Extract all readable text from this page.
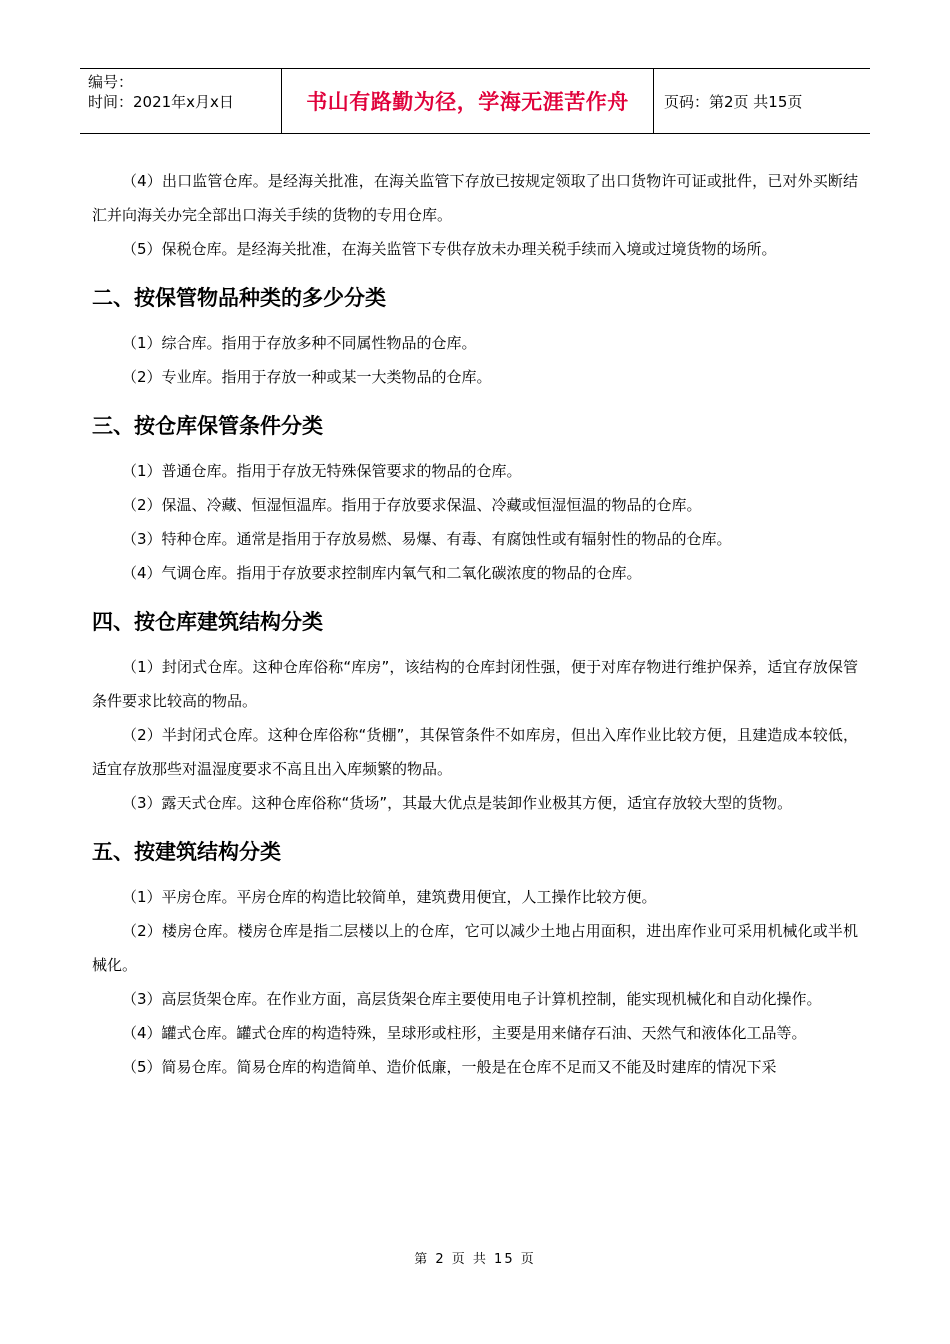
编号：
时间：2021年x月x日	书山有路勤为径，学海无涯苦作舟	页码：第2页 共15页

（4）出口监管仓库。是经海关批准，在海关监管下存放已按规定领取了出口货物许可证或批件，已对外买断结汇并向海关办完全部出口海关手续的货物的专用仓库。

（5）保税仓库。是经海关批准，在海关监管下专供存放未办理关税手续而入境或过境货物的场所。

二、按保管物品种类的多少分类

（1）综合库。指用于存放多种不同属性物品的仓库。

（2）专业库。指用于存放一种或某一大类物品的仓库。

三、按仓库保管条件分类

（1）普通仓库。指用于存放无特殊保管要求的物品的仓库。

（2）保温、冷藏、恒湿恒温库。指用于存放要求保温、冷藏或恒湿恒温的物品的仓库。

（3）特种仓库。通常是指用于存放易燃、易爆、有毒、有腐蚀性或有辐射性的物品的仓库。

（4）气调仓库。指用于存放要求控制库内氧气和二氧化碳浓度的物品的仓库。

四、按仓库建筑结构分类

（1）封闭式仓库。这种仓库俗称“库房”，该结构的仓库封闭性强，便于对库存物进行维护保养，适宜存放保管条件要求比较高的物品。

（2）半封闭式仓库。这种仓库俗称“货棚”，其保管条件不如库房，但出入库作业比较方便，且建造成本较低，适宜存放那些对温湿度要求不高且出入库频繁的物品。

（3）露天式仓库。这种仓库俗称“货场”，其最大优点是装卸作业极其方便，适宜存放较大型的货物。

五、按建筑结构分类

（1）平房仓库。平房仓库的构造比较简单，建筑费用便宜，人工操作比较方便。

（2）楼房仓库。楼房仓库是指二层楼以上的仓库，它可以减少土地占用面积，进出库作业可采用机械化或半机械化。

（3）高层货架仓库。在作业方面，高层货架仓库主要使用电子计算机控制，能实现机械化和自动化操作。

（4）罐式仓库。罐式仓库的构造特殊，呈球形或柱形，主要是用来储存石油、天然气和液体化工品等。

（5）简易仓库。简易仓库的构造简单、造价低廉，一般是在仓库不足而又不能及时建库的情况下采

第 2 页 共 15 页
